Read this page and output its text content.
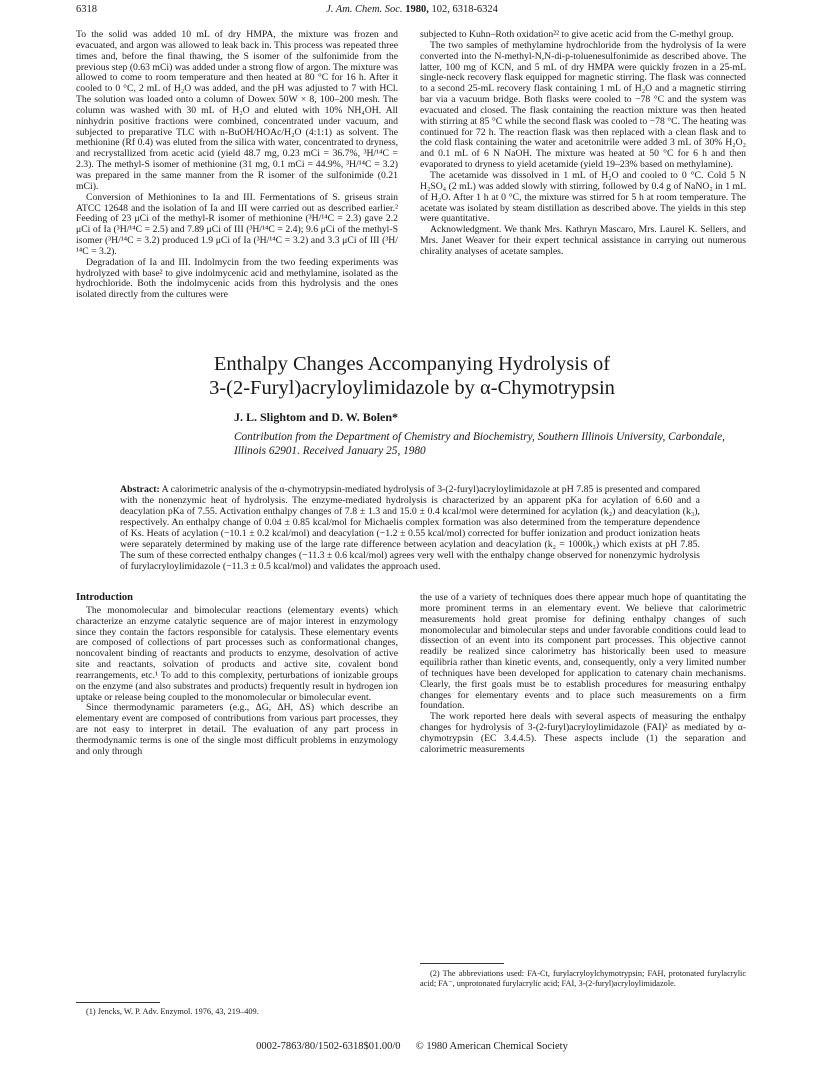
6318	J. Am. Chem. Soc. 1980, 102, 6318-6324

To the solid was added 10 mL of dry HMPA, the mixture was frozen and evacuated, and argon was allowed to leak back in. This process was repeated three times and, before the final thawing, the S isomer of the sulfonimide from the previous step (0.63 mCi) was added under a strong flow of argon. The mixture was allowed to come to room temperature and then heated at 80 °C for 16 h. After it cooled to 0 °C, 2 mL of H₂O was added, and the pH was adjusted to 7 with HCl. The solution was loaded onto a column of Dowex 50W × 8, 100–200 mesh. The column was washed with 30 mL of H₂O and eluted with 10% NH₄OH. All ninhydrin positive fractions were combined, concentrated under vacuum, and subjected to preparative TLC with n-BuOH/HOAc/H₂O (4:1:1) as solvent. The methionine (Rf 0.4) was eluted from the silica with water, concentrated to dryness, and recrystallized from acetic acid (yield 48.7 mg, 0.23 mCi = 36.7%, ³H/¹⁴C = 2.3). The methyl-S isomer of methionine (31 mg, 0.1 mCi = 44.9%, ³H/¹⁴C = 3.2) was prepared in the same manner from the R isomer of the sulfonimide (0.21 mCi).

Conversion of Methionines to Ia and III. Fermentations of S. griseus strain ATCC 12648 and the isolation of Ia and III were carried out as described earlier.² Feeding of 23 μCi of the methyl-R isomer of methionine (³H/¹⁴C = 2.3) gave 2.2 μCi of Ia (³H/¹⁴C = 2.5) and 7.89 μCi of III (³H/¹⁴C = 2.4); 9.6 μCi of the methyl-S isomer (³H/¹⁴C = 3.2) produced 1.9 μCi of Ia (³H/¹⁴C = 3.2) and 3.3 μCi of III (³H/¹⁴C = 3.2).

Degradation of Ia and III. Indolmycin from the two feeding experiments was hydrolyzed with base² to give indolmycenic acid and methylamine, isolated as the hydrochloride. Both the indolmycenic acids from this hydrolysis and the ones isolated directly from the cultures were

subjected to Kuhn–Roth oxidation²² to give acetic acid from the C-methyl group.

The two samples of methylamine hydrochloride from the hydrolysis of Ia were converted into the N-methyl-N,N-di-p-toluenesulfonimide as described above. The latter, 100 mg of KCN, and 5 mL of dry HMPA were quickly frozen in a 25-mL single-neck recovery flask equipped for magnetic stirring. The flask was connected to a second 25-mL recovery flask containing 1 mL of H₂O and a magnetic stirring bar via a vacuum bridge. Both flasks were cooled to −78 °C and the system was evacuated and closed. The flask containing the reaction mixture was then heated with stirring at 85 °C while the second flask was cooled to −78 °C. The heating was continued for 72 h. The reaction flask was then replaced with a clean flask and to the cold flask containing the water and acetonitrile were added 3 mL of 30% H₂O₂ and 0.1 mL of 6 N NaOH. The mixture was heated at 50 °C for 6 h and then evaporated to dryness to yield acetamide (yield 19–23% based on methylamine).

The acetamide was dissolved in 1 mL of H₂O and cooled to 0 °C. Cold 5 N H₂SO₄ (2 mL) was added slowly with stirring, followed by 0.4 g of NaNO₂ in 1 mL of H₂O. After 1 h at 0 °C, the mixture was stirred for 5 h at room temperature. The acetate was isolated by steam distillation as described above. The yields in this step were quantitative.

Acknowledgment. We thank Mrs. Kathryn Mascaro, Mrs. Laurel K. Sellers, and Mrs. Janet Weaver for their expert technical assistance in carrying out numerous chirality analyses of acetate samples.

Enthalpy Changes Accompanying Hydrolysis of
3-(2-Furyl)acryloylimidazole by α-Chymotrypsin
J. L. Slightom and D. W. Bolen*
Contribution from the Department of Chemistry and Biochemistry, Southern Illinois University, Carbondale, Illinois 62901. Received January 25, 1980
Abstract: A calorimetric analysis of the α-chymotrypsin-mediated hydrolysis of 3-(2-furyl)acryloylimidazole at pH 7.85 is presented and compared with the nonenzymic heat of hydrolysis. The enzyme-mediated hydrolysis is characterized by an apparent pKa for acylation of 6.60 and a deacylation pKa of 7.55. Activation enthalpy changes of 7.8 ± 1.3 and 15.0 ± 0.4 kcal/mol were determined for acylation (k₂) and deacylation (k₃), respectively. An enthalpy change of 0.04 ± 0.85 kcal/mol for Michaelis complex formation was also determined from the temperature dependence of Ks. Heats of acylation (−10.1 ± 0.2 kcal/mol) and deacylation (−1.2 ± 0.55 kcal/mol) corrected for buffer ionization and product ionization heats were separately determined by making use of the large rate difference between acylation and deacylation (k₂ = 1000k₃) which exists at pH 7.85. The sum of these corrected enthalpy changes (−11.3 ± 0.6 kcal/mol) agrees very well with the enthalpy change observed for nonenzymic hydrolysis of furylacryloylimidazole (−11.3 ± 0.5 kcal/mol) and validates the approach used.
Introduction

The monomolecular and bimolecular reactions (elementary events) which characterize an enzyme catalytic sequence are of major interest in enzymology since they contain the factors responsible for catalysis. These elementary events are composed of collections of part processes such as conformational changes, noncovalent binding of reactants and products to enzyme, desolvation of active site and reactants, solvation of products and active site, covalent bond rearrangements, etc.¹ To add to this complexity, perturbations of ionizable groups on the enzyme (and also substrates and products) frequently result in hydrogen ion uptake or release being coupled to the monomolecular or bimolecular event.

Since thermodynamic parameters (e.g., ΔG, ΔH, ΔS) which describe an elementary event are composed of contributions from various part processes, they are not easy to interpret in detail. The evaluation of any part process in thermodynamic terms is one of the single most difficult problems in enzymology and only through

the use of a variety of techniques does there appear much hope of quantitating the more prominent terms in an elementary event. We believe that calorimetric measurements hold great promise for defining enthalpy changes of such monomolecular and bimolecular steps and under favorable conditions could lead to dissection of an event into its component part processes. This objective cannot readily be realized since calorimetry has historically been used to measure equilibria rather than kinetic events, and, consequently, only a very limited number of techniques have been developed for application to catenary chain mechanisms. Clearly, the first goals must be to establish procedures for measuring enthalpy changes for elementary events and to place such measurements on a firm foundation.

The work reported here deals with several aspects of measuring the enthalpy changes for hydrolysis of 3-(2-furyl)acryloylimidazole (FAI)² as mediated by α-chymotrypsin (EC 3.4.4.5). These aspects include (1) the separation and calorimetric measurements

(1) Jencks, W. P. Adv. Enzymol. 1976, 43, 219–409.
(2) The abbreviations used: FA-Ct, furylacryloylchymotrypsin; FAH, protonated furylacrylic acid; FA⁻, unprotonated furylacrylic acid; FAI, 3-(2-furyl)acryloylimidazole.
0002-7863/80/1502-6318$01.00/0 © 1980 American Chemical Society
